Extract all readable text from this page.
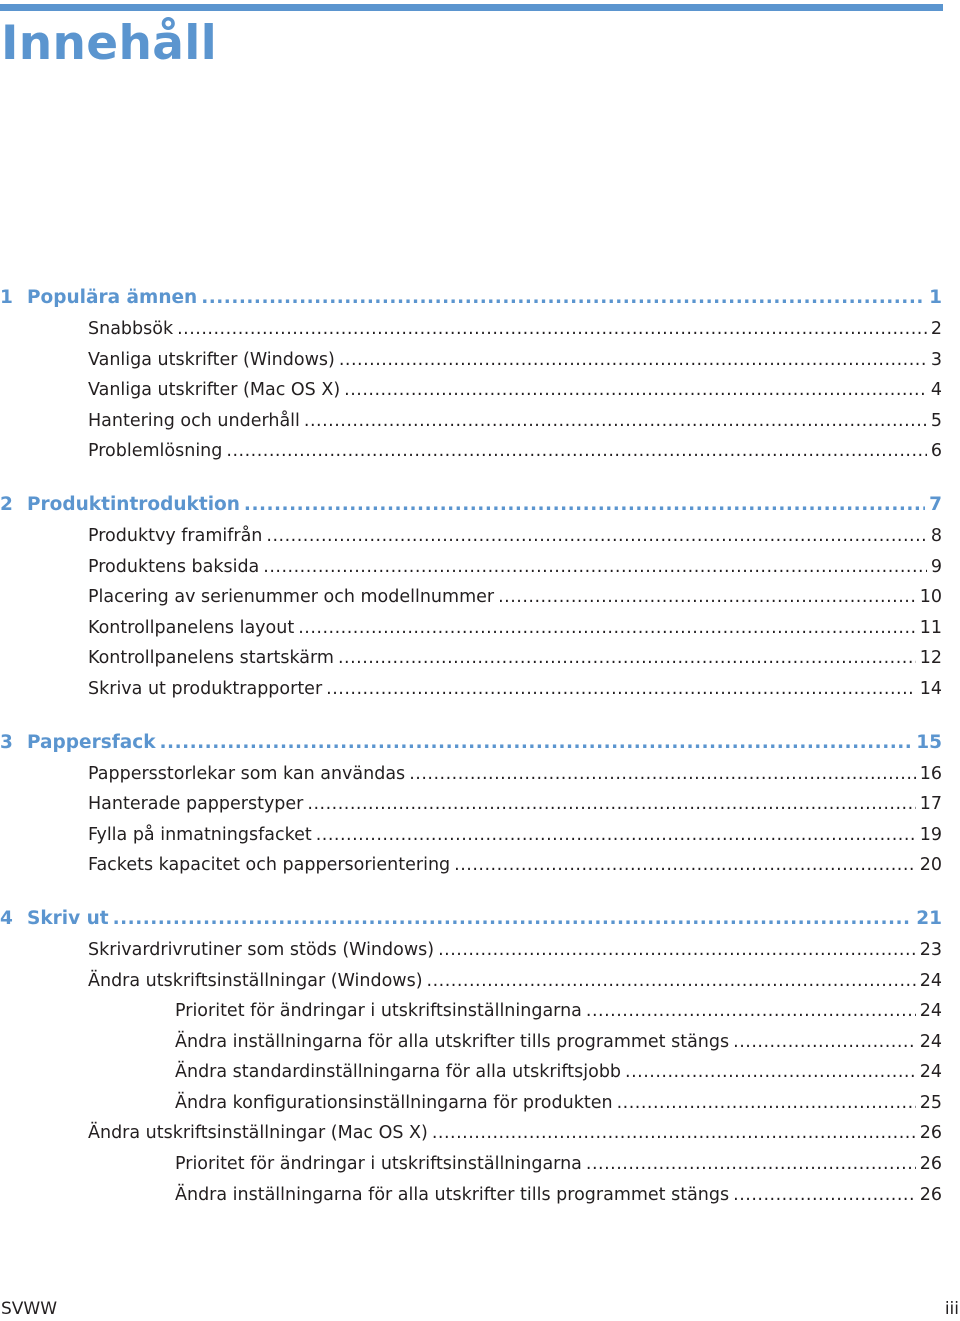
Innehåll
1 Populära ämnen .....	1
Snabbsök .....	2
Vanliga utskrifter (Windows) .....	3
Vanliga utskrifter (Mac OS X) .....	4
Hantering och underhåll .....	5
Problemlösning .....	6
2 Produktintroduktion .....	7
Produktvy framifrån .....	8
Produktens baksida .....	9
Placering av serienummer och modellnummer .....	10
Kontrollpanelens layout .....	11
Kontrollpanelens startskärm .....	12
Skriva ut produktrapporter .....	14
3 Pappersfack .....	15
Pappersstorlekar som kan användas .....	16
Hanterade papperstyper .....	17
Fylla på inmatningsfacket .....	19
Fackets kapacitet och pappersorientering .....	20
4 Skriv ut .....	21
Skrivardrivrutiner som stöds (Windows) .....	23
Ändra utskriftsinställningar (Windows) .....	24
Prioritet för ändringar i utskriftsinställningarna .....	24
Ändra inställningarna för alla utskrifter tills programmet stängs .....	24
Ändra standardinställningarna för alla utskriftsjobb .....	24
Ändra konfigurationsinställningarna för produkten .....	25
Ändra utskriftsinställningar (Mac OS X) .....	26
Prioritet för ändringar i utskriftsinställningarna .....	26
Ändra inställningarna för alla utskrifter tills programmet stängs .....	26
SVWW	iii
